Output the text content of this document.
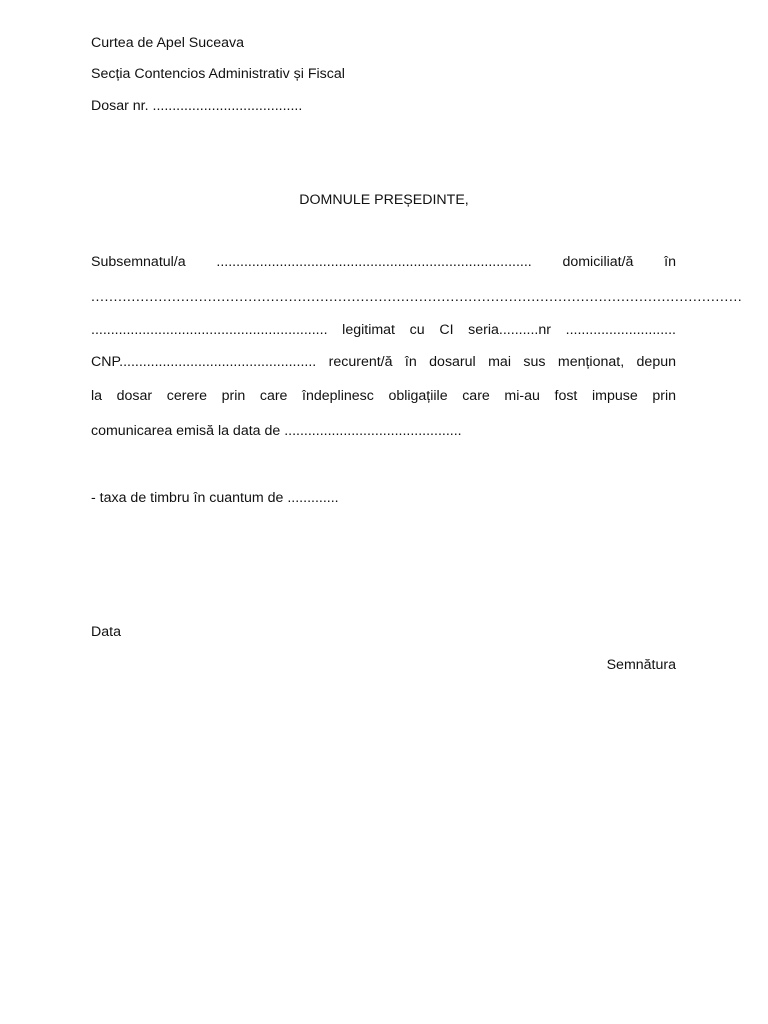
Curtea de Apel Suceava
Secția Contencios Administrativ și Fiscal
Dosar nr. ......................................
DOMNULE PREȘEDINTE,
Subsemnatul/a ................................................................................ domiciliat/ă în
.................................................................................................................................................
............................................................ legitimat cu CI seria..........nr ............................
CNP.................................................. recurent/ă în dosarul mai sus menționat, depun
la dosar cerere prin care îndeplinesc obligațiile care mi-au fost impuse prin
comunicarea emisă la data de .............................................
- taxa de timbru în cuantum de .............
Data
Semnătura
